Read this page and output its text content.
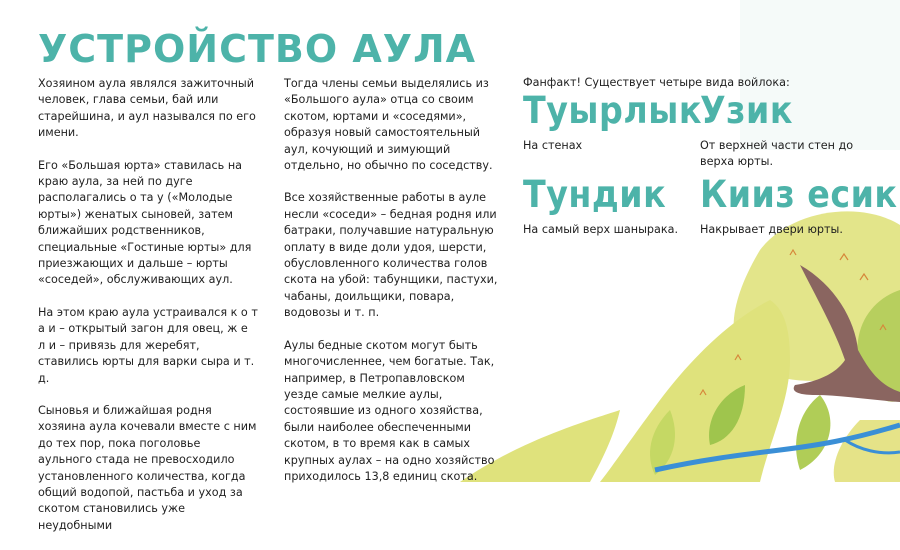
УСТРОЙСТВО АУЛА

Хозяином аула являлся зажиточный человек, глава семьи, бай или старейшина, и аул назывался по его имени.

Его «Большая юрта» ставилась на краю аула, за ней по дуге располагались о та у («Молодые юрты») женатых сыновей, затем ближайших родственников, специальные «Гостиные юрты» для приезжающих и дальше – юрты «соседей», обслуживающих аул.

На этом краю аула устраивался к о т а и – открытый загон для овец, ж е л и – привязь для жеребят, ставились юрты для варки сыра и т. д.

Сыновья и ближайшая родня хозяина аула кочевали вместе с ним до тех пор, пока поголовье аульного стада не превосходило установленного количества, когда общий водопой, пастьба и уход за скотом становились уже неудобными

Тогда члены семьи выделялись из «Большого аула» отца со своим скотом, юртами и «соседями», образуя новый самостоятельный аул, кочующий и зимующий отдельно, но обычно по соседству.

Все хозяйственные работы в ауле несли «соседи» – бедная родня или батраки, получавшие натуральную оплату в виде доли удоя, шерсти, обусловленного количества голов скота на убой: табунщики, пастухи, чабаны, доильщики, повара, водовозы и т. п.

Аулы бедные скотом могут быть многочисленнее, чем богатые. Так, например, в Петропавловском уезде самые мелкие аулы, состоявшие из одного хозяйства, были наиболее обеспеченными скотом, в то время как в самых крупных аулах – на одно хозяйство приходилось 13,8 единиц скота.

Фанфакт! Существует четыре вида войлока:
Туырлык
На стенах
Узик
От верхней части стен до верха юрты.
Тундик
На самый верх шанырака.
Кииз есик
Накрывает двери юрты.
